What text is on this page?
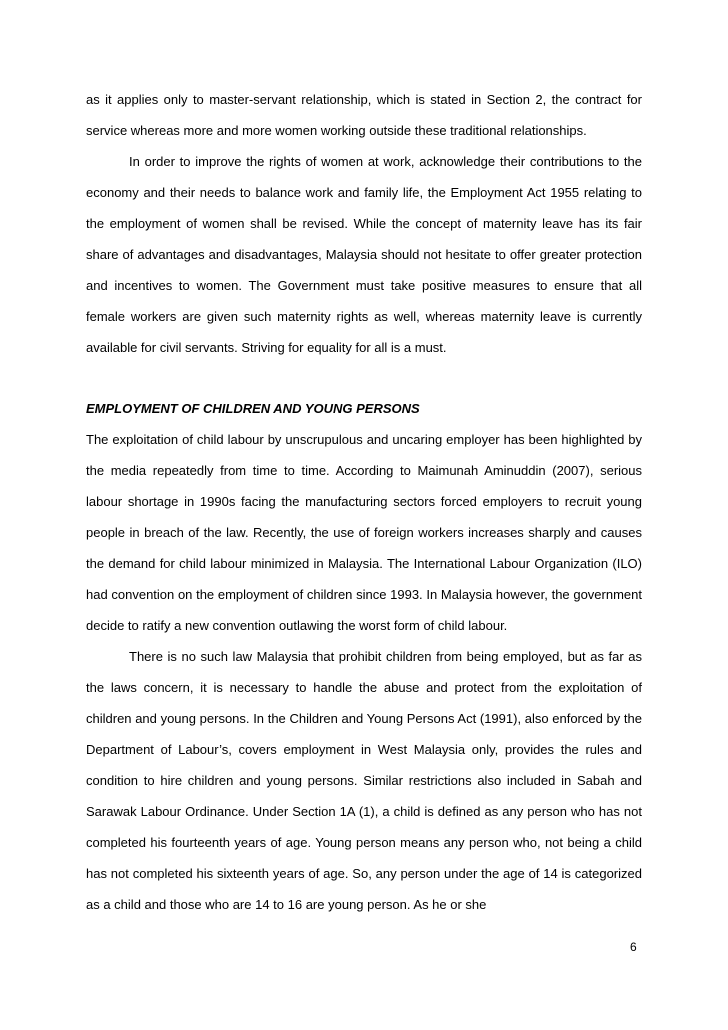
as it applies only to master-servant relationship, which is stated in Section 2, the contract for service whereas more and more women working outside these traditional relationships.

In order to improve the rights of women at work, acknowledge their contributions to the economy and their needs to balance work and family life, the Employment Act 1955 relating to the employment of women shall be revised. While the concept of maternity leave has its fair share of advantages and disadvantages, Malaysia should not hesitate to offer greater protection and incentives to women. The Government must take positive measures to ensure that all female workers are given such maternity rights as well, whereas maternity leave is currently available for civil servants. Striving for equality for all is a must.

EMPLOYMENT OF CHILDREN AND YOUNG PERSONS

The exploitation of child labour by unscrupulous and uncaring employer has been highlighted by the media repeatedly from time to time. According to Maimunah Aminuddin (2007), serious labour shortage in 1990s facing the manufacturing sectors forced employers to recruit young people in breach of the law. Recently, the use of foreign workers increases sharply and causes the demand for child labour minimized in Malaysia. The International Labour Organization (ILO) had convention on the employment of children since 1993. In Malaysia however, the government decide to ratify a new convention outlawing the worst form of child labour.

There is no such law Malaysia that prohibit children from being employed, but as far as the laws concern, it is necessary to handle the abuse and protect from the exploitation of children and young persons. In the Children and Young Persons Act (1991), also enforced by the Department of Labour’s, covers employment in West Malaysia only, provides the rules and condition to hire children and young persons. Similar restrictions also included in Sabah and Sarawak Labour Ordinance. Under Section 1A (1), a child is defined as any person who has not completed his fourteenth years of age. Young person means any person who, not being a child has not completed his sixteenth years of age. So, any person under the age of 14 is categorized as a child and those who are 14 to 16 are young person. As he or she

6
